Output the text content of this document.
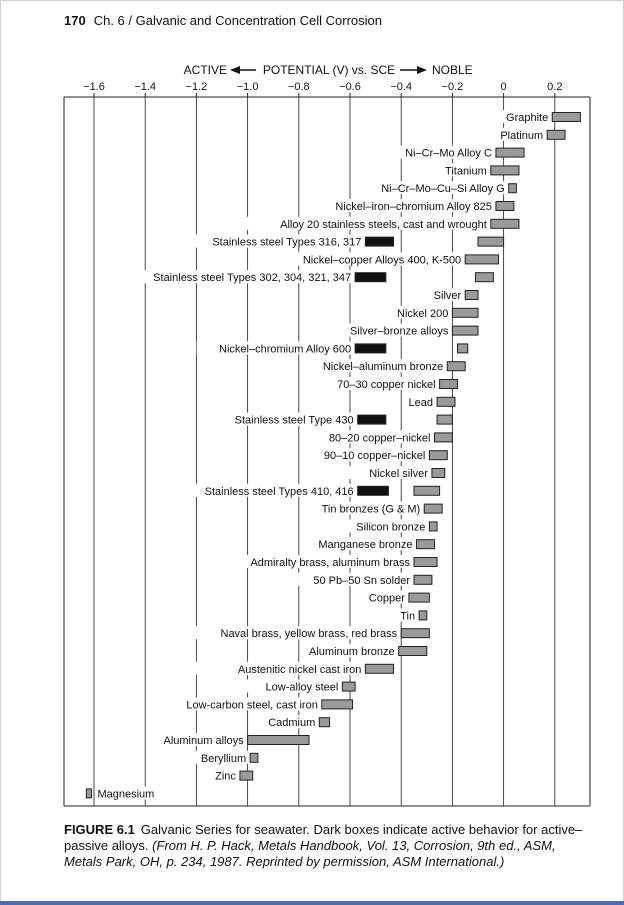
170 Ch. 6 / Galvanic and Concentration Cell Corrosion
ACTIVE	POTENTIAL (V) vs. SCE	NOBLE
−1.6	−1.4	−1.2	−1.0	−0.8	−0.6	−0.4	−0.2	0	0.2
Graphite
Platinum
Ni–Cr–Mo Alloy C
Titanium
Ni–Cr–Mo–Cu–Si Alloy G
Nickel–iron–chromium Alloy 825
Alloy 20 stainless steels, cast and wrought
Stainless steel Types 316, 317
Nickel–copper Alloys 400, K-500
Stainless steel Types 302, 304, 321, 347
Silver
Nickel 200
Silver–bronze alloys
Nickel–chromium Alloy 600
Nickel–aluminum bronze
70–30 copper nickel
Lead
Stainless steel Type 430
80–20 copper–nickel
90–10 copper–nickel
Nickel silver
Stainless steel Types 410, 416
Tin bronzes (G & M)
Silicon bronze
Manganese bronze
Admiralty brass, aluminum brass
50 Pb–50 Sn solder
Copper
Tin
Naval brass, yellow brass, red brass
Aluminum bronze
Austenitic nickel cast iron
Low-alloy steel
Low-carbon steel, cast iron
Cadmium
Aluminum alloys
Beryllium
Zinc
Magnesium
FIGURE 6.1 Galvanic Series for seawater. Dark boxes indicate active behavior for active–passive alloys. (From H. P. Hack, Metals Handbook, Vol. 13, Corrosion, 9th ed., ASM, Metals Park, OH, p. 234, 1987. Reprinted by permission, ASM International.)
